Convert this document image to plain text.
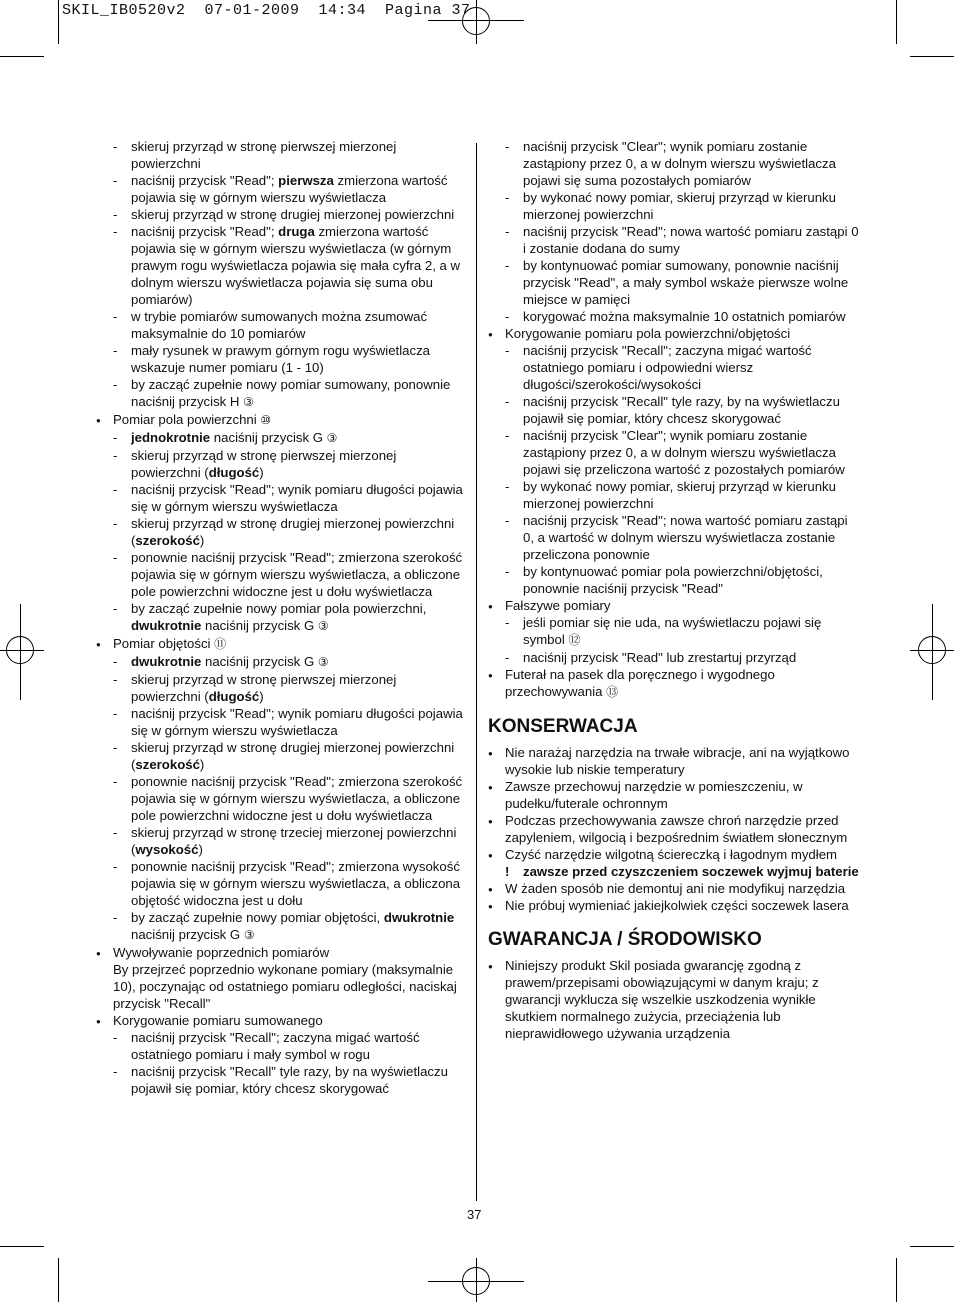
SKIL_IB0520v2  07-01-2009  14:34  Pagina 37
- skieruj przyrząd w stronę pierwszej mierzonej powierzchni
- naciśnij przycisk "Read"; pierwsza zmierzona wartość pojawia się w górnym wierszu wyświetlacza
- skieruj przyrząd w stronę drugiej mierzonej powierzchni
- naciśnij przycisk "Read"; druga zmierzona wartość pojawia się w górnym wierszu wyświetlacza (w górnym prawym rogu wyświetlacza pojawia się mała cyfra 2, a w dolnym wierszu wyświetlacza pojawia się suma obu pomiarów)
- w trybie pomiarów sumowanych można zsumować maksymalnie do 10 pomiarów
- mały rysunek w prawym górnym rogu wyświetlacza wskazuje numer pomiaru (1 - 10)
- by zacząć zupełnie nowy pomiar sumowany, ponownie naciśnij przycisk H ③
● Pomiar pola powierzchni ⑩
- jednokrotnie naciśnij przycisk G ③
- skieruj przyrząd w stronę pierwszej mierzonej powierzchni (długość)
- naciśnij przycisk "Read"; wynik pomiaru długości pojawia się w górnym wierszu wyświetlacza
- skieruj przyrząd w stronę drugiej mierzonej powierzchni (szerokość)
- ponownie naciśnij przycisk "Read"; zmierzona szerokość pojawia się w górnym wierszu wyświetlacza, a obliczone pole powierzchni widoczne jest u dołu wyświetlacza
- by zacząć zupełnie nowy pomiar pola powierzchni, dwukrotnie naciśnij przycisk G ③
● Pomiar objętości ⑪
- dwukrotnie naciśnij przycisk G ③
- skieruj przyrząd w stronę pierwszej mierzonej powierzchni (długość)
- naciśnij przycisk "Read"; wynik pomiaru długości pojawia się w górnym wierszu wyświetlacza
- skieruj przyrząd w stronę drugiej mierzonej powierzchni (szerokość)
- ponownie naciśnij przycisk "Read"; zmierzona szerokość pojawia się w górnym wierszu wyświetlacza, a obliczone pole powierzchni widoczne jest u dołu wyświetlacza
- skieruj przyrząd w stronę trzeciej mierzonej powierzchni (wysokość)
- ponownie naciśnij przycisk "Read"; zmierzona wysokość pojawia się w górnym wierszu wyświetlacza, a obliczona objętość widoczna jest u dołu
- by zacząć zupełnie nowy pomiar objętości, dwukrotnie naciśnij przycisk G ③
● Wywoływanie poprzednich pomiarów
By przejrzeć poprzednio wykonane pomiary (maksymalnie 10), poczynając od ostatniego pomiaru odległości, naciskaj przycisk "Recall"
● Korygowanie pomiaru sumowanego
- naciśnij przycisk "Recall"; zaczyna migać wartość ostatniego pomiaru i mały symbol w rogu
- naciśnij przycisk "Recall" tyle razy, by na wyświetlaczu pojawił się pomiar, który chcesz skorygować
- naciśnij przycisk "Clear"; wynik pomiaru zostanie zastąpiony przez 0, a w dolnym wierszu wyświetlacza pojawi się suma pozostałych pomiarów
- by wykonać nowy pomiar, skieruj przyrząd w kierunku mierzonej powierzchni
- naciśnij przycisk "Read"; nowa wartość pomiaru zastąpi 0 i zostanie dodana do sumy
- by kontynuować pomiar sumowany, ponownie naciśnij przycisk "Read", a mały symbol wskaże pierwsze wolne miejsce w pamięci
- korygować można maksymalnie 10 ostatnich pomiarów
● Korygowanie pomiaru pola powierzchni/objętości
- naciśnij przycisk "Recall"; zaczyna migać wartość ostatniego pomiaru i odpowiedni wiersz długości/szerokości/wysokości
- naciśnij przycisk "Recall" tyle razy, by na wyświetlaczu pojawił się pomiar, który chcesz skorygować
- naciśnij przycisk "Clear"; wynik pomiaru zostanie zastąpiony przez 0, a w dolnym wierszu wyświetlacza pojawi się przeliczona wartość z pozostałych pomiarów
- by wykonać nowy pomiar, skieruj przyrząd w kierunku mierzonej powierzchni
- naciśnij przycisk "Read"; nowa wartość pomiaru zastąpi 0, a wartość w dolnym wierszu wyświetlacza zostanie przeliczona ponownie
- by kontynuować pomiar pola powierzchni/objętości, ponownie naciśnij przycisk "Read"
● Fałszywe pomiary
- jeśli pomiar się nie uda, na wyświetlaczu pojawi się symbol ⑫
- naciśnij przycisk "Read" lub zrestartuj przyrząd
● Futerał na pasek dla poręcznego i wygodnego przechowywania ⑬
KONSERWACJA
● Nie narażaj narzędzia na trwałe wibracje, ani na wyjątkowo wysokie lub niskie temperatury
● Zawsze przechowuj narzędzie w pomieszczeniu, w pudełku/futerale ochronnym
● Podczas przechowywania zawsze chroń narzędzie przed zapyleniem, wilgocią i bezpośrednim światłem słonecznym
● Czyść narzędzie wilgotną ściereczką i łagodnym mydłem
! zawsze przed czyszczeniem soczewek wyjmuj baterie
● W żaden sposób nie demontuj ani nie modyfikuj narzędzia
● Nie próbuj wymieniać jakiejkolwiek części soczewek lasera
GWARANCJA / ŚRODOWISKO
● Niniejszy produkt Skil posiada gwarancję zgodną z prawem/przepisami obowiązującymi w danym kraju; z gwarancji wyklucza się wszelkie uszkodzenia wynikłe skutkiem normalnego zużycia, przeciążenia lub nieprawidłowego używania urządzenia
37
